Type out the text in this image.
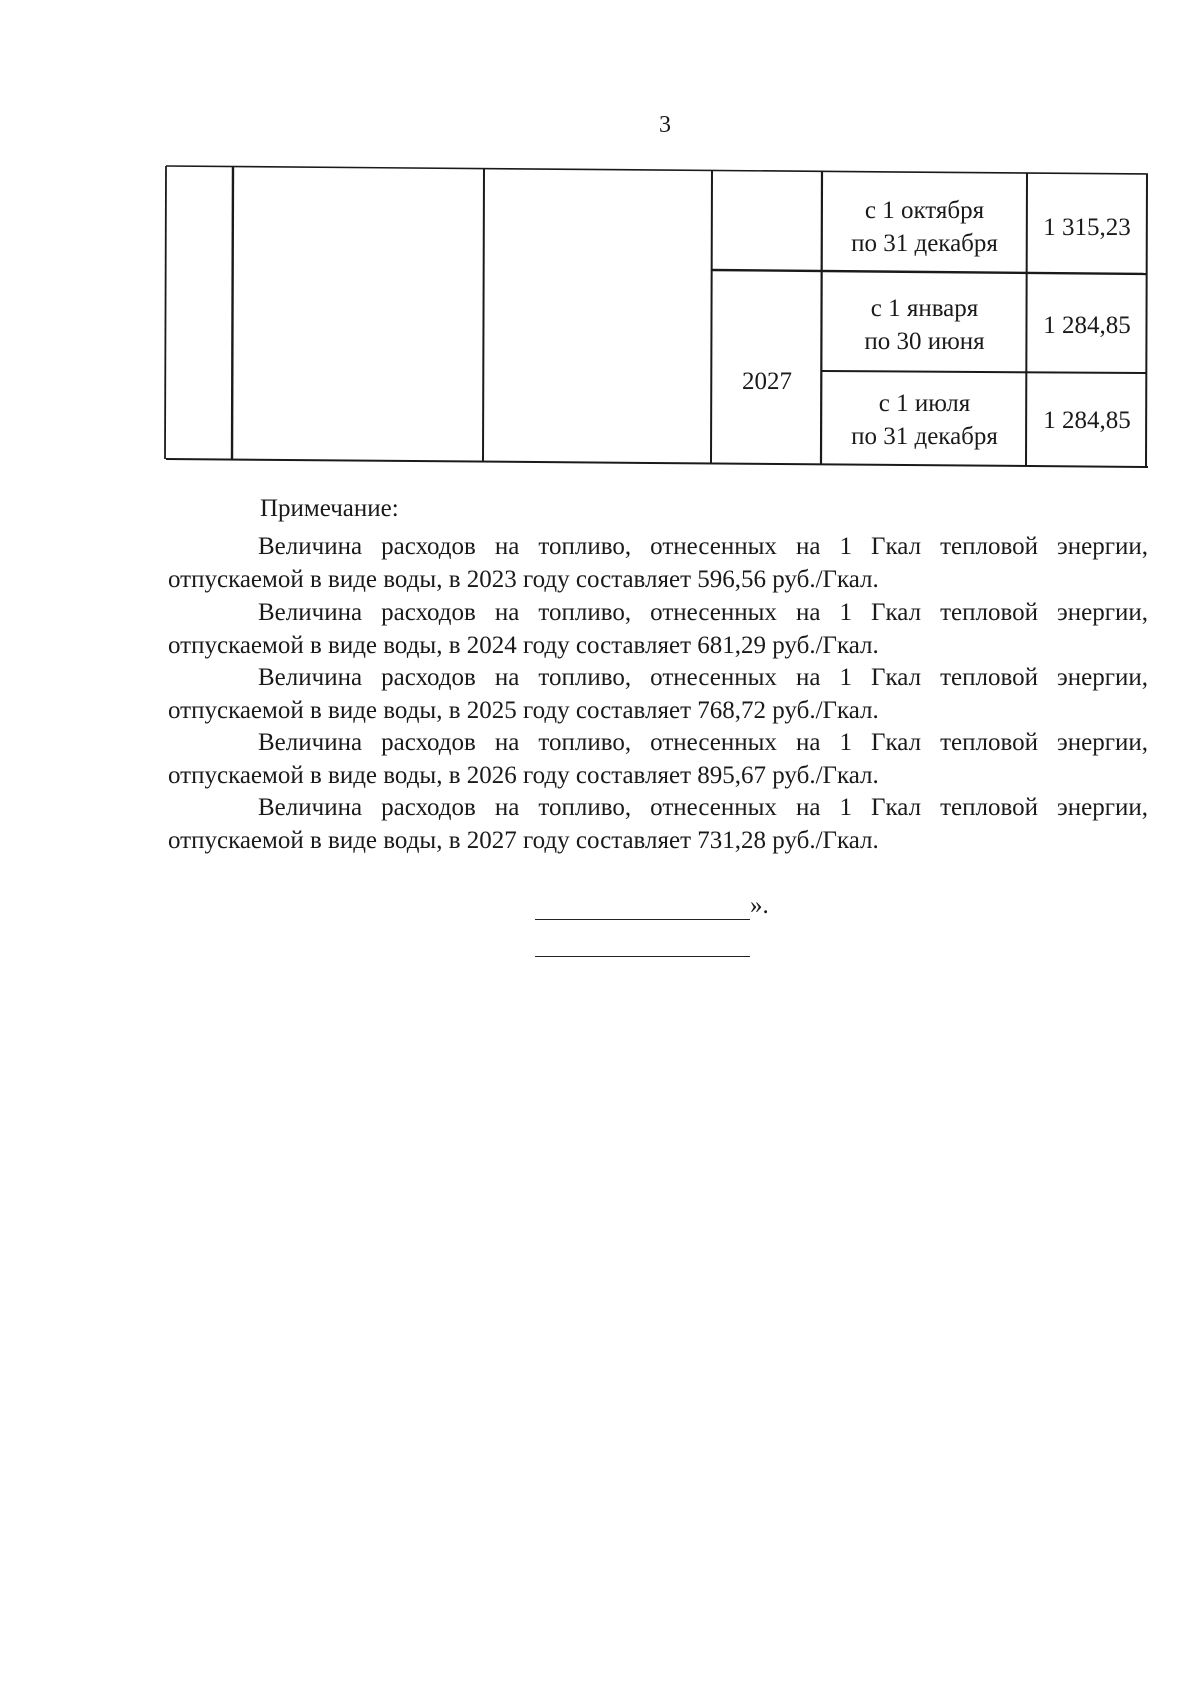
3
с 1 октября
по 31 декабря
1 315,23
2027
с 1 января
по 30 июня
1 284,85
с 1 июля
по 31 декабря
1 284,85
Примечание:
Величина расходов на топливо, отнесенных на 1 Гкал тепловой энергии,
отпускаемой в виде воды, в 2023 году составляет 596,56 руб./Гкал.
Величина расходов на топливо, отнесенных на 1 Гкал тепловой энергии,
отпускаемой в виде воды, в 2024 году составляет 681,29 руб./Гкал.
Величина расходов на топливо, отнесенных на 1 Гкал тепловой энергии,
отпускаемой в виде воды, в 2025 году составляет 768,72 руб./Гкал.
Величина расходов на топливо, отнесенных на 1 Гкал тепловой энергии,
отпускаемой в виде воды, в 2026 году составляет 895,67 руб./Гкал.
Величина расходов на топливо, отнесенных на 1 Гкал тепловой энергии,
отпускаемой в виде воды, в 2027 году составляет 731,28 руб./Гкал.
».
